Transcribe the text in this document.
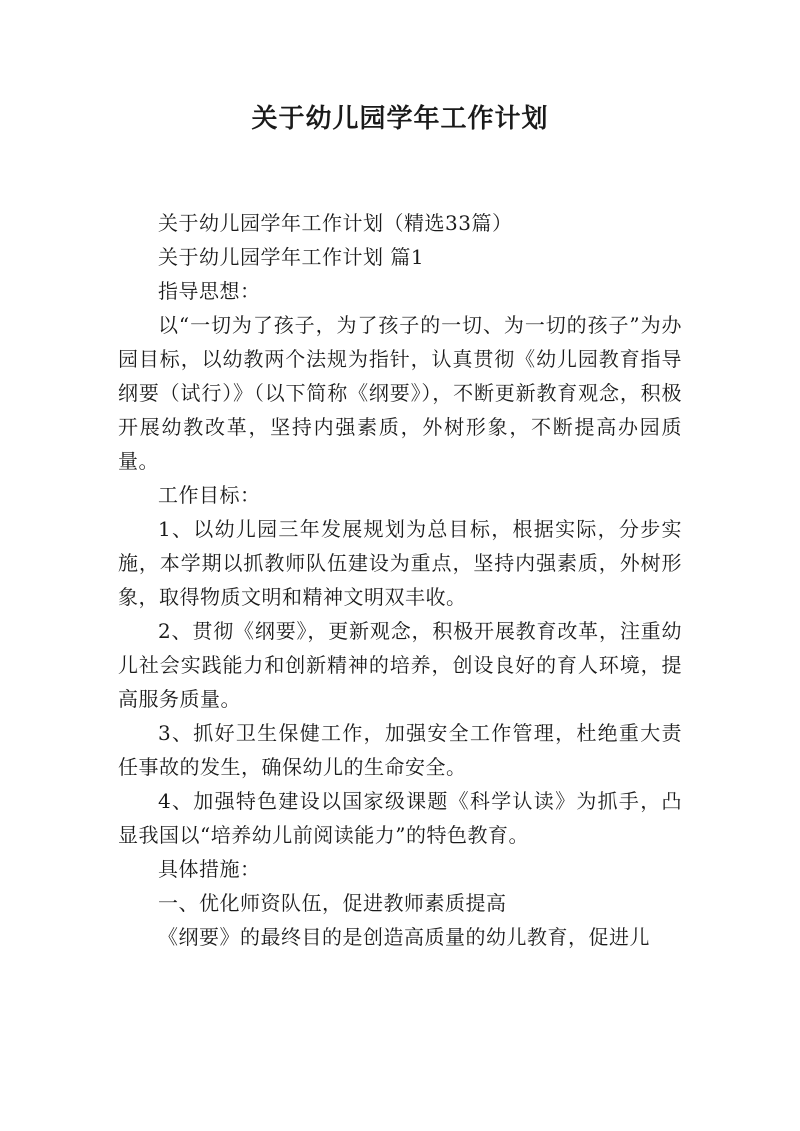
关于幼儿园学年工作计划

关于幼儿园学年工作计划（精选33篇）

关于幼儿园学年工作计划 篇1

指导思想：

以“一切为了孩子，为了孩子的一切、为一切的孩子”为办园目标，以幼教两个法规为指针，认真贯彻《幼儿园教育指导纲要（试行）》（以下简称《纲要》），不断更新教育观念，积极开展幼教改革，坚持内强素质，外树形象，不断提高办园质量。

工作目标：

1、以幼儿园三年发展规划为总目标，根据实际，分步实施，本学期以抓教师队伍建设为重点，坚持内强素质，外树形象，取得物质文明和精神文明双丰收。

2、贯彻《纲要》，更新观念，积极开展教育改革，注重幼儿社会实践能力和创新精神的培养，创设良好的育人环境，提高服务质量。

3、抓好卫生保健工作，加强安全工作管理，杜绝重大责任事故的发生，确保幼儿的生命安全。

4、加强特色建设以国家级课题《科学认读》为抓手，凸显我国以“培养幼儿前阅读能力”的特色教育。

具体措施：

一、优化师资队伍，促进教师素质提高

《纲要》的最终目的是创造高质量的幼儿教育，促进儿
